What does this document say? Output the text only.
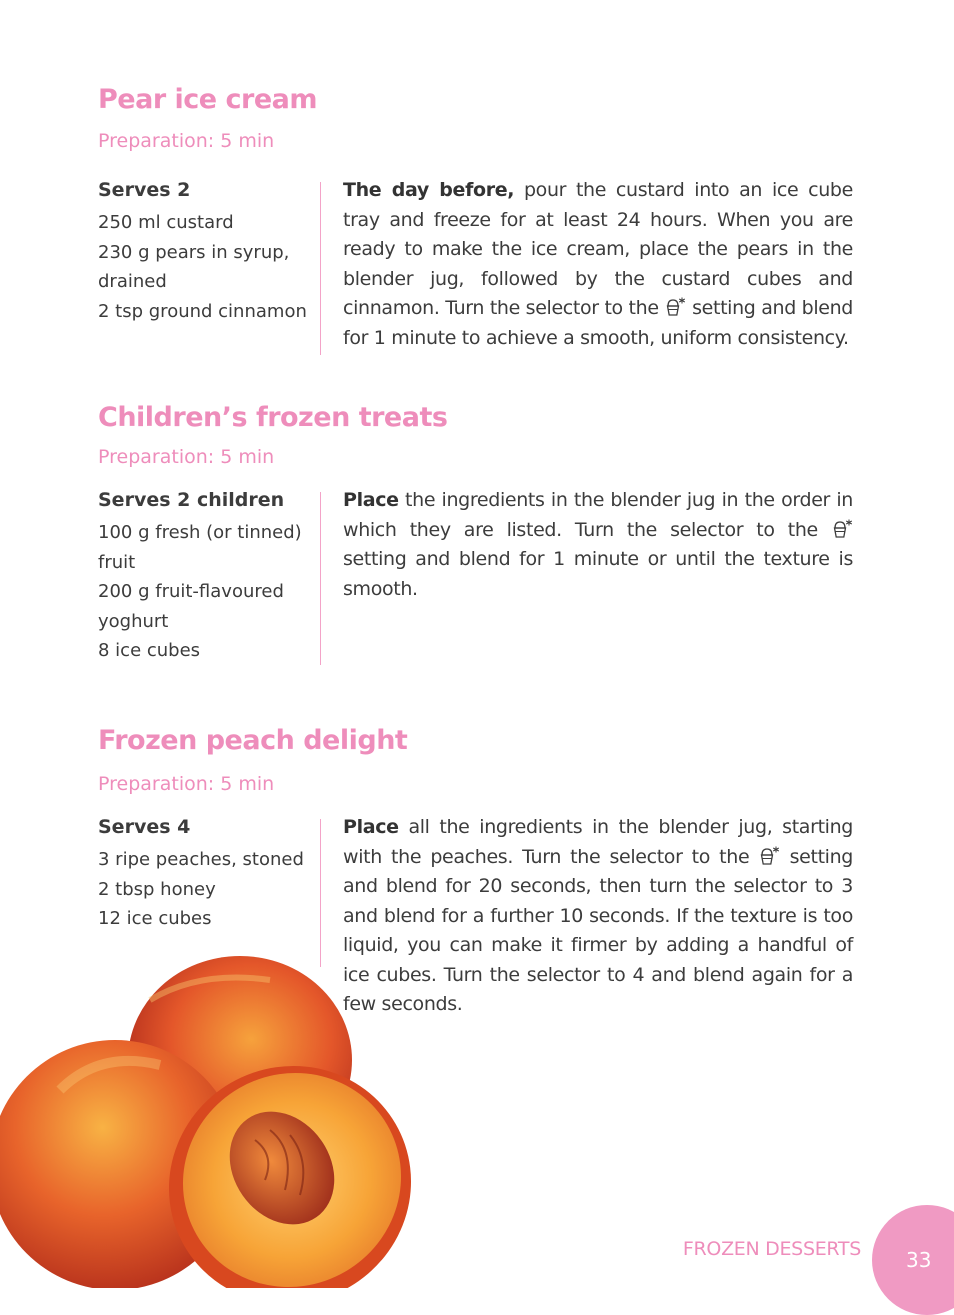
Pear ice cream
Preparation: 5 min
Serves 2
250 ml custard
230 g pears in syrup,
drained
2 tsp ground cinnamon
The day before, pour the custard into an ice cube tray and freeze for at least 24 hours. When you are ready to make the ice cream, place the pears in the blender jug, followed by the custard cubes and cinnamon. Turn the selector to the  setting and blend for 1 minute to achieve a smooth, uniform consistency.
Children’s frozen treats
Preparation: 5 min
Serves 2 children
100 g fresh (or tinned) fruit
200 g fruit-flavoured
yoghurt
8 ice cubes
Place the ingredients in the blender jug in the order in which they are listed. Turn the selector to the  setting and blend for 1 minute or until the texture is smooth.
Frozen peach delight
Preparation: 5 min
Serves 4
3 ripe peaches, stoned
2 tbsp honey
12 ice cubes
Place all the ingredients in the blender jug, starting with the peaches. Turn the selector to the  setting and blend for 20 seconds, then turn the selector to 3 and blend for a further 10 seconds. If the texture is too liquid, you can make it firmer by adding a handful of ice cubes. Turn the selector to 4 and blend again for a few seconds.
FROZEN DESSERTS 33
